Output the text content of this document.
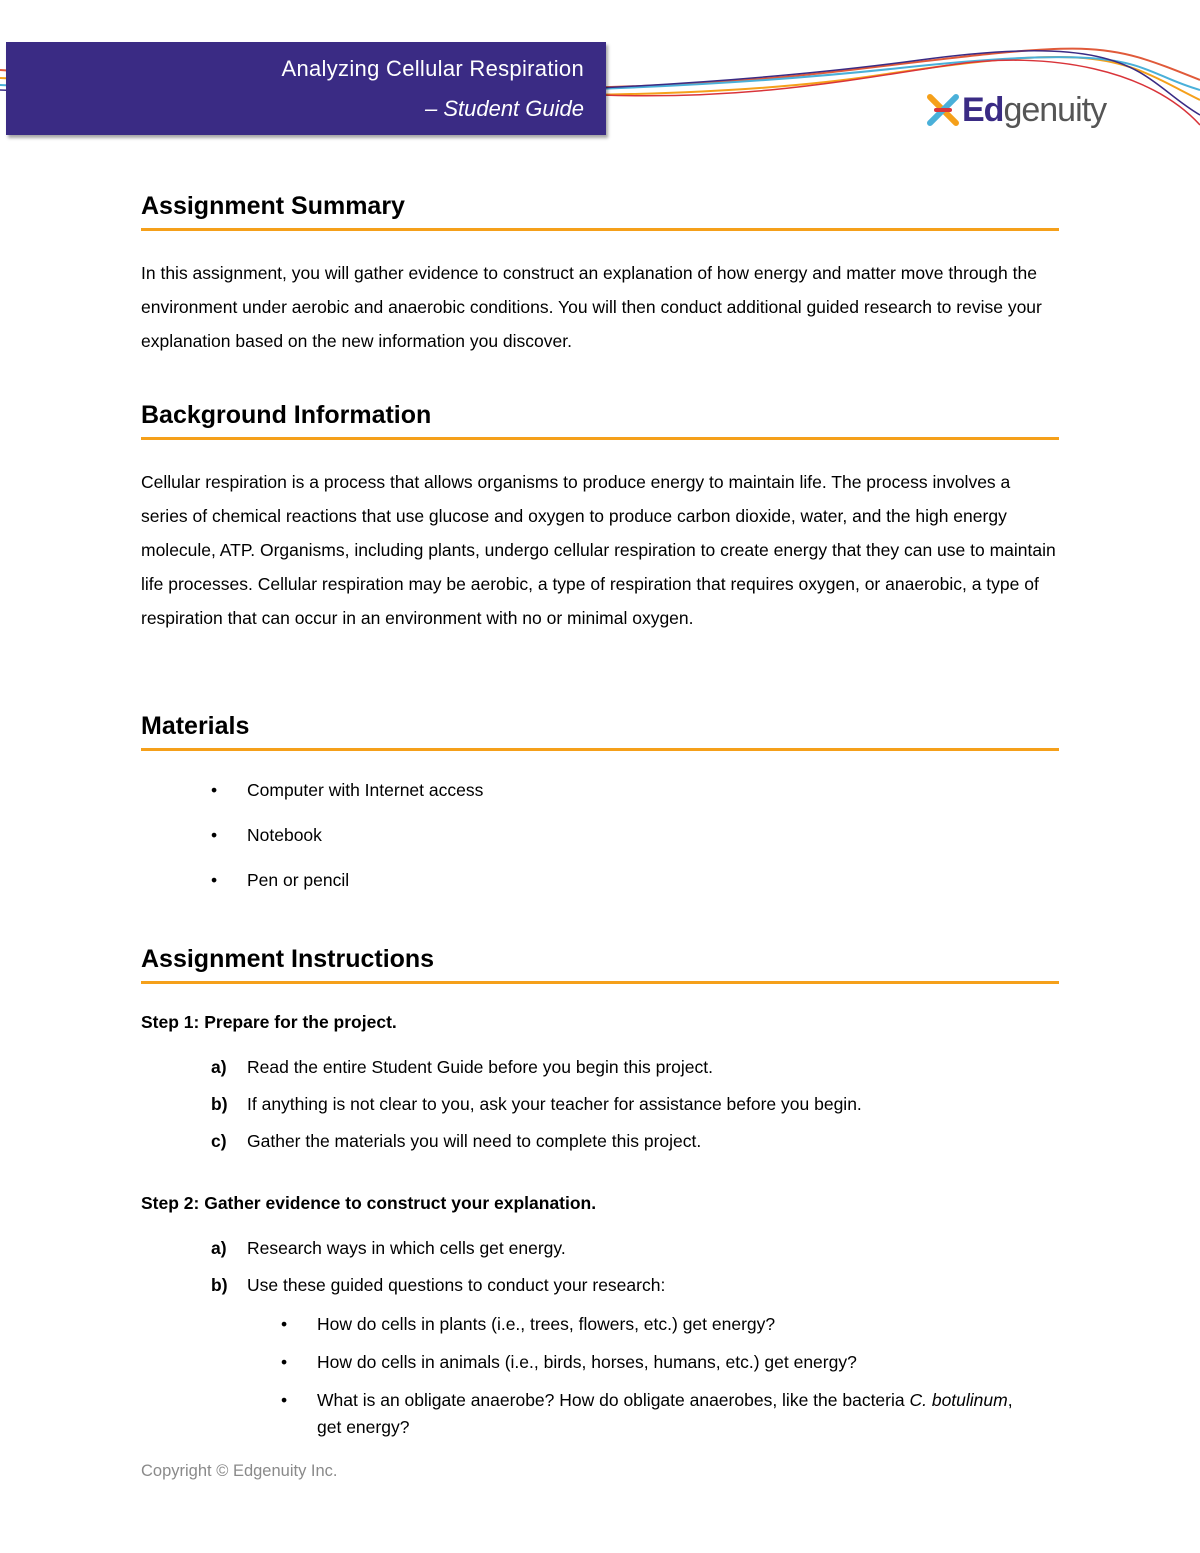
Analyzing Cellular Respiration
– Student Guide	Edgenuity
Assignment Summary

In this assignment, you will gather evidence to construct an explanation of how energy and matter move through the environment under aerobic and anaerobic conditions. You will then conduct additional guided research to revise your explanation based on the new information you discover.

Background Information

Cellular respiration is a process that allows organisms to produce energy to maintain life. The process involves a series of chemical reactions that use glucose and oxygen to produce carbon dioxide, water, and the high energy molecule, ATP. Organisms, including plants, undergo cellular respiration to create energy that they can use to maintain life processes. Cellular respiration may be aerobic, a type of respiration that requires oxygen, or anaerobic, a type of respiration that can occur in an environment with no or minimal oxygen.

Materials
• Computer with Internet access
• Notebook
• Pen or pencil
Assignment Instructions

Step 1: Prepare for the project.

a) Read the entire Student Guide before you begin this project.
b) If anything is not clear to you, ask your teacher for assistance before you begin.
c) Gather the materials you will need to complete this project.

Step 2: Gather evidence to construct your explanation.

a) Research ways in which cells get energy.
b) Use these guided questions to conduct your research:
• How do cells in plants (i.e., trees, flowers, etc.) get energy?
• How do cells in animals (i.e., birds, horses, humans, etc.) get energy?
• What is an obligate anaerobe? How do obligate anaerobes, like the bacteria C. botulinum, get energy?
Copyright © Edgenuity Inc.
